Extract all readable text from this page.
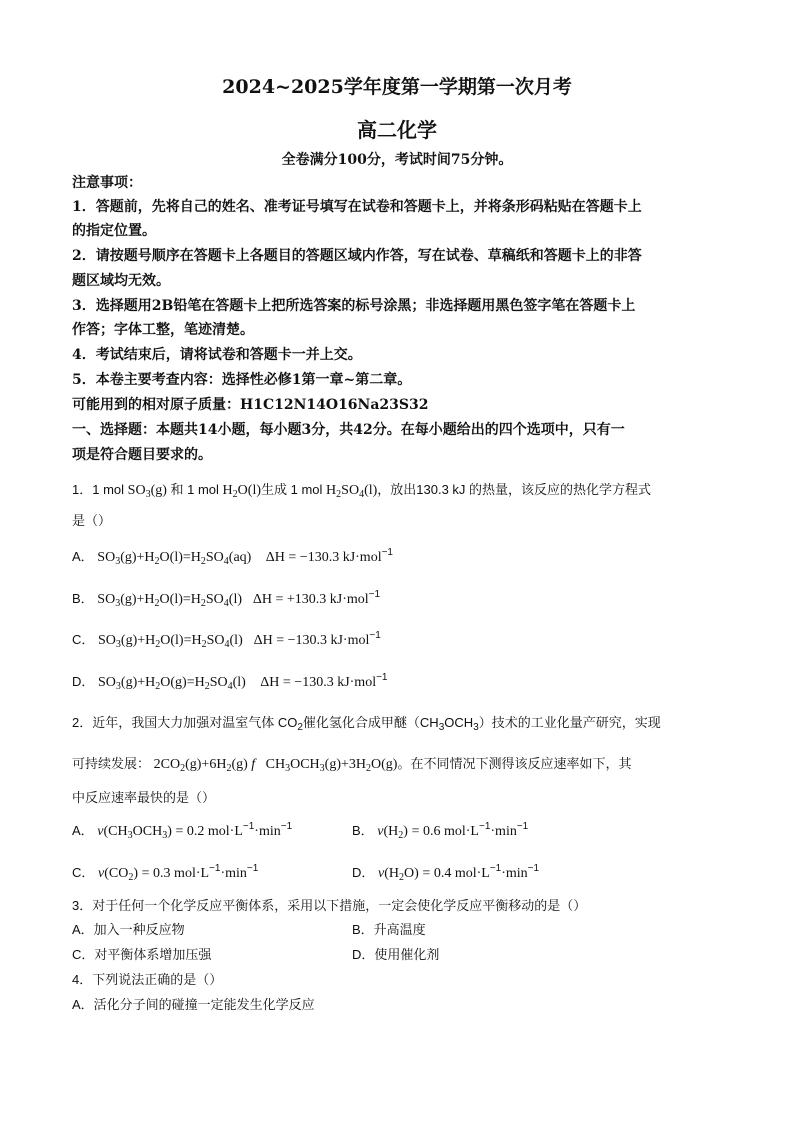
2024~2025学年度第一学期第一次月考
高二化学
全卷满分100分，考试时间75分钟。
注意事项：
1．答题前，先将自己的姓名、准考证号填写在试卷和答题卡上，并将条形码粘贴在答题卡上
的指定位置。
2．请按题号顺序在答题卡上各题目的答题区域内作答，写在试卷、草稿纸和答题卡上的非答
题区域均无效。
3．选择题用2B铅笔在答题卡上把所选答案的标号涂黑；非选择题用黑色签字笔在答题卡上
作答；字体工整，笔迹清楚。
4．考试结束后，请将试卷和答题卡一并上交。
5．本卷主要考查内容：选择性必修1第一章~第二章。
可能用到的相对原子质量：H1C12N14O16Na23S32
一、选择题：本题共14小题，每小题3分，共42分。在每小题给出的四个选项中，只有一
项是符合题目要求的。
1．1 mol $SO_3(g)$ 和 1 mol $H_2O(l)$生成 1 mol $H_2SO_4(l)$，放出130.3 kJ 的热量，该反应的热化学方程式
是（）
A． $SO_3(g)+H_2O(l)=H_2SO_4(aq) \Delta H = -130.3$ kJ·mol$^{-1}$
B． $SO_3(g)+H_2O(l)=H_2SO_4(l) \Delta H = +130.3$ kJ·mol$^{-1}$
C． $SO_3(g)+H_2O(l)=H_2SO_4(l) \Delta H = -130.3$ kJ·mol$^{-1}$
D． $SO_3(g)+H_2O(g)=H_2SO_4(l) \Delta H = -130.3$ kJ·mol$^{-1}$
2．近年，我国大力加强对温室气体 $CO_2$催化氢化合成甲醚$(CH_3OCH_3)$技术的工业化量产研究，实现
可持续发展： $2CO_2(g)+6H_2(g)$ f   $CH_3OCH_3(g)+3H_2O(g)$。在不同情况下测得该反应速率如下，其
中反应速率最快的是（）
A． $v(CH_3OCH_3) = 0.2$ $mol\cdot L^{-1}\cdot\min^{-1}$	B． $v(H_2) = 0.6$ $mol\cdot L^{-1}\cdot\min^{-1}$
C． $v(CO_2) = 0.3$ $mol\cdot L^{-1}\cdot\min^{-1}$	D． $v(H_2O) = 0.4$ $mol\cdot L^{-1}\cdot\min^{-1}$
3．对于任何一个化学反应平衡体系，采用以下措施，一定会使化学反应平衡移动的是（）
A．加入一种反应物	B．升高温度
C．对平衡体系增加压强	D．使用催化剂
4．下列说法正确的是（）
A．活化分子间的碰撞一定能发生化学反应
